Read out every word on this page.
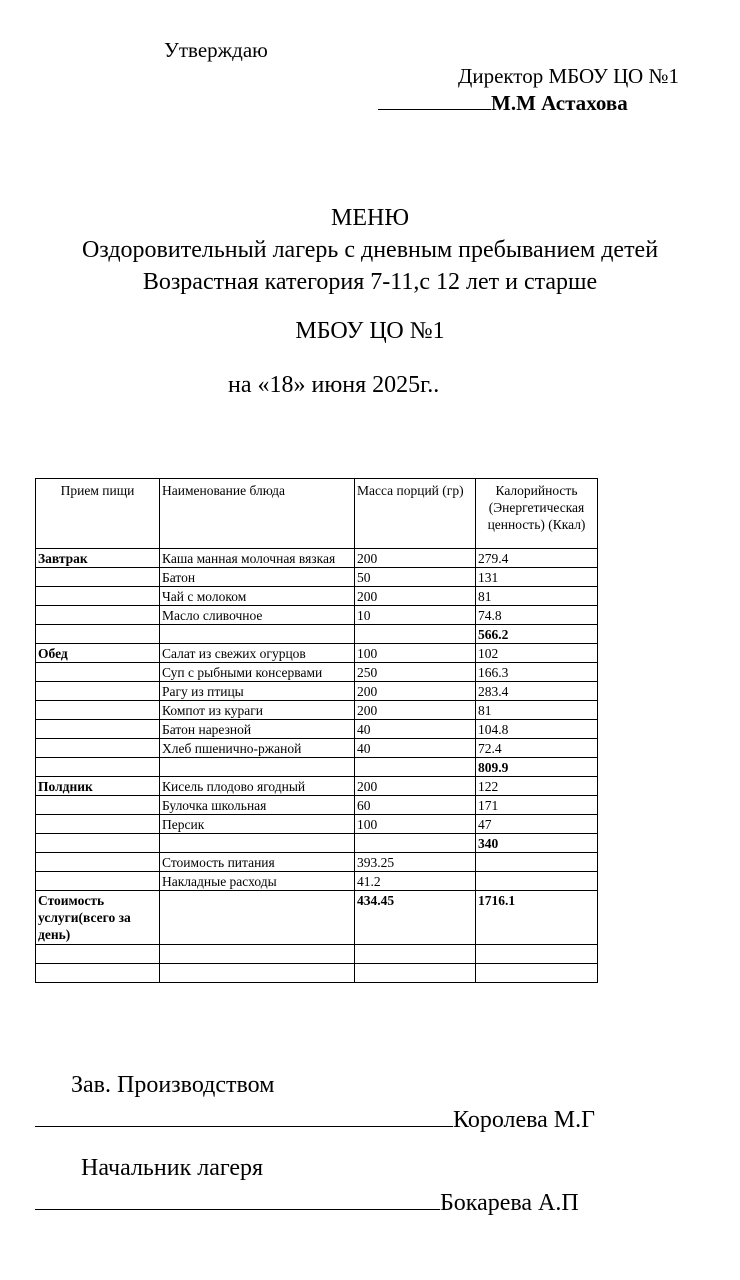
Утверждаю
Директор МБОУ ЦО №1
М.М Астахова
МЕНЮ
Оздоровительный лагерь с дневным пребыванием детей
Возрастная категория 7-11,с 12 лет и старше
МБОУ ЦО №1
на «18» июня 2025г..
Прием пищи	Наименование блюда	Масса порций (гр)	Калорийность (Энергетическая ценность) (Ккал)
Завтрак	Каша манная молочная вязкая	200	279.4
	Батон	50	131
	Чай с молоком	200	81
	Масло сливочное	10	74.8
			566.2
Обед	Салат из свежих огурцов	100	102
	Суп с рыбными консервами	250	166.3
	Рагу из птицы	200	283.4
	Компот из кураги	200	81
	Батон нарезной	40	104.8
	Хлеб пшенично-ржаной	40	72.4
			809.9
Полдник	Кисель плодово ягодный	200	122
	Булочка школьная	60	171
	Персик	100	47
			340
	Стоимость питания	393.25	
	Накладные расходы	41.2	
Стоимость услуги(всего за день)		434.45	1716.1

Зав. Производством
Королева М.Г
Начальник лагеря
Бокарева А.П
